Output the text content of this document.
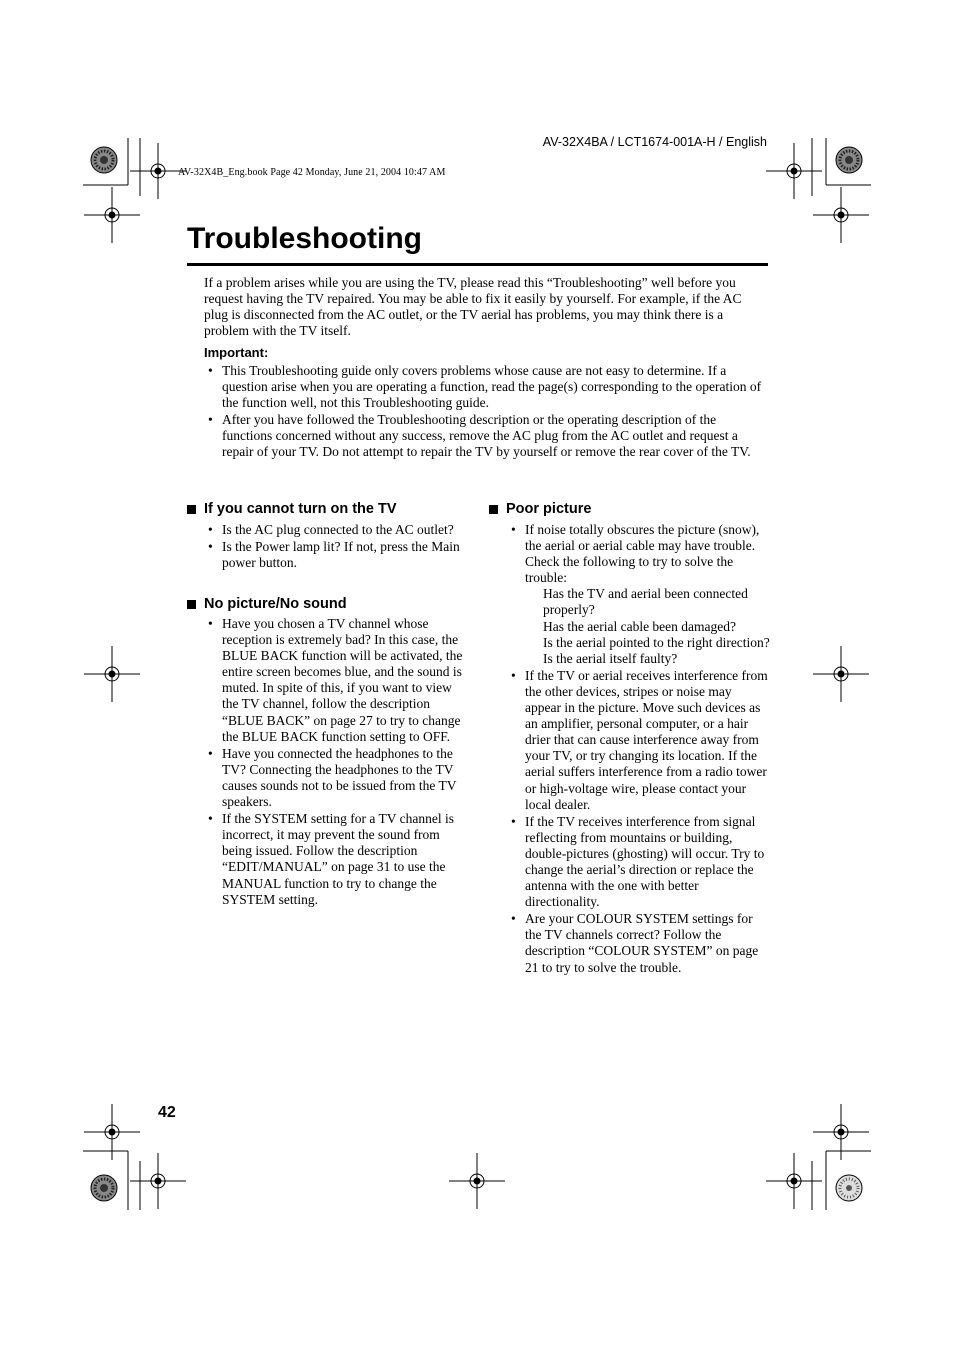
AV-32X4BA / LCT1674-001A-H / English
AV-32X4B_Eng.book Page 42 Monday, June 21, 2004 10:47 AM
Troubleshooting

If a problem arises while you are using the TV, please read this “Troubleshooting” well before you request having the TV repaired. You may be able to fix it easily by yourself. For example, if the AC plug is disconnected from the AC outlet, or the TV aerial has problems, you may think there is a problem with the TV itself.

Important:
• This Troubleshooting guide only covers problems whose cause are not easy to determine. If a question arise when you are operating a function, read the page(s) corresponding to the operation of the function well, not this Troubleshooting guide.
• After you have followed the Troubleshooting description or the operating description of the functions concerned without any success, remove the AC plug from the AC outlet and request a repair of your TV. Do not attempt to repair the TV by yourself or remove the rear cover of the TV.
If you cannot turn on the TV
• Is the AC plug connected to the AC outlet?
• Is the Power lamp lit? If not, press the Main power button.
No picture/No sound
• Have you chosen a TV channel whose reception is extremely bad? In this case, the BLUE BACK function will be activated, the entire screen becomes blue, and the sound is muted. In spite of this, if you want to view the TV channel, follow the description “BLUE BACK” on page 27 to try to change the BLUE BACK function setting to OFF.
• Have you connected the headphones to the TV? Connecting the headphones to the TV causes sounds not to be issued from the TV speakers.
• If the SYSTEM setting for a TV channel is incorrect, it may prevent the sound from being issued. Follow the description “EDIT/MANUAL” on page 31 to use the MANUAL function to try to change the SYSTEM setting.
Poor picture
• If noise totally obscures the picture (snow), the aerial or aerial cable may have trouble. Check the following to try to solve the trouble:
Has the TV and aerial been connected properly?
Has the aerial cable been damaged?
Is the aerial pointed to the right direction?
Is the aerial itself faulty?
• If the TV or aerial receives interference from the other devices, stripes or noise may appear in the picture. Move such devices as an amplifier, personal computer, or a hair drier that can cause interference away from your TV, or try changing its location. If the aerial suffers interference from a radio tower or high-voltage wire, please contact your local dealer.
• If the TV receives interference from signal reflecting from mountains or building, double-pictures (ghosting) will occur. Try to change the aerial’s direction or replace the antenna with the one with better directionality.
• Are your COLOUR SYSTEM settings for the TV channels correct? Follow the description “COLOUR SYSTEM” on page 21 to try to solve the trouble.
42
